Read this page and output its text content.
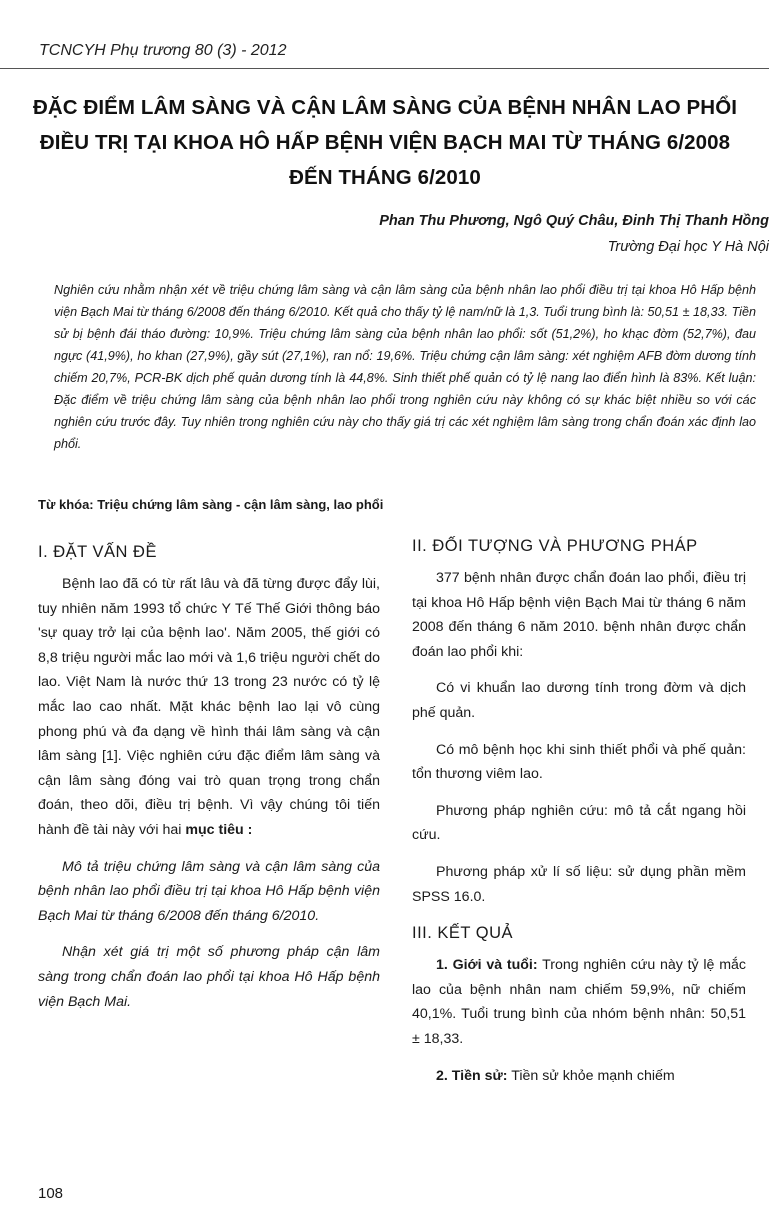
TCNCYH Phụ trương 80 (3) - 2012
ĐẶC ĐIỂM LÂM SÀNG VÀ CẬN LÂM SÀNG CỦA BỆNH NHÂN LAO PHỔI ĐIỀU TRỊ TẠI KHOA HÔ HẤP BỆNH VIỆN BẠCH MAI TỪ THÁNG 6/2008 ĐẾN THÁNG 6/2010
Phan Thu Phương, Ngô Quý Châu, Đinh Thị Thanh Hồng
Trường Đại học Y Hà Nội

Nghiên cứu nhằm nhận xét về triệu chứng lâm sàng và cận lâm sàng của bệnh nhân lao phổi điều trị tại khoa Hô Hấp bệnh viện Bạch Mai từ tháng 6/2008 đến tháng 6/2010. Kết quả cho thấy tỷ lệ nam/nữ là 1,3. Tuổi trung bình là: 50,51 ± 18,33. Tiền sử bị bệnh đái tháo đường: 10,9%. Triệu chứng lâm sàng của bệnh nhân lao phổi: sốt (51,2%), ho khạc đờm (52,7%), đau ngực (41,9%), ho khan (27,9%), gầy sút (27,1%), ran nổ: 19,6%. Triệu chứng cận lâm sàng: xét nghiệm AFB đờm dương tính chiếm 20,7%, PCR-BK dịch phế quản dương tính là 44,8%. Sinh thiết phế quản có tỷ lệ nang lao điển hình là 83%. Kết luận: Đặc điểm về triệu chứng lâm sàng của bệnh nhân lao phổi trong nghiên cứu này không có sự khác biệt nhiều so với các nghiên cứu trước đây. Tuy nhiên trong nghiên cứu này cho thấy giá trị các xét nghiệm lâm sàng trong chẩn đoán xác định lao phổi.

Từ khóa: Triệu chứng lâm sàng - cận lâm sàng, lao phổi
I. ĐẶT VẤN ĐỀ

Bệnh lao đã có từ rất lâu và đã từng được đẩy lùi, tuy nhiên năm 1993 tổ chức Y Tế Thế Giới thông báo 'sự quay trở lại của bệnh lao'. Năm 2005, thế giới có 8,8 triệu người mắc lao mới và 1,6 triệu người chết do lao. Việt Nam là nước thứ 13 trong 23 nước có tỷ lệ mắc lao cao nhất. Mặt khác bệnh lao lại vô cùng phong phú và đa dạng về hình thái lâm sàng và cận lâm sàng [1]. Việc nghiên cứu đặc điểm lâm sàng và cận lâm sàng đóng vai trò quan trọng trong chẩn đoán, theo dõi, điều trị bệnh. Vì vậy chúng tôi tiến hành đề tài này với hai mục tiêu :

Mô tả triệu chứng lâm sàng và cận lâm sàng của bệnh nhân lao phổi điều trị tại khoa Hô Hấp bệnh viện Bạch Mai từ tháng 6/2008 đến tháng 6/2010.

Nhận xét giá trị một số phương pháp cận lâm sàng trong chẩn đoán lao phổi tại khoa Hô Hấp bệnh viện Bạch Mai.

II. ĐỐI TƯỢNG VÀ PHƯƠNG PHÁP

377 bệnh nhân được chẩn đoán lao phổi, điều trị tại khoa Hô Hấp bệnh viện Bạch Mai từ tháng 6 năm 2008 đến tháng 6 năm 2010. bệnh nhân được chẩn đoán lao phổi khi:

Có vi khuẩn lao dương tính trong đờm và dịch phế quản.

Có mô bệnh học khi sinh thiết phổi và phế quản: tổn thương viêm lao.

Phương pháp nghiên cứu: mô tả cắt ngang hồi cứu.

Phương pháp xử lí số liệu: sử dụng phần mềm SPSS 16.0.

III. KẾT QUẢ

1. Giới và tuổi: Trong nghiên cứu này tỷ lệ mắc lao của bệnh nhân nam chiếm 59,9%, nữ chiếm 40,1%. Tuổi trung bình của nhóm bệnh nhân: 50,51 ± 18,33.

2. Tiền sử: Tiền sử khỏe mạnh chiếm

108
